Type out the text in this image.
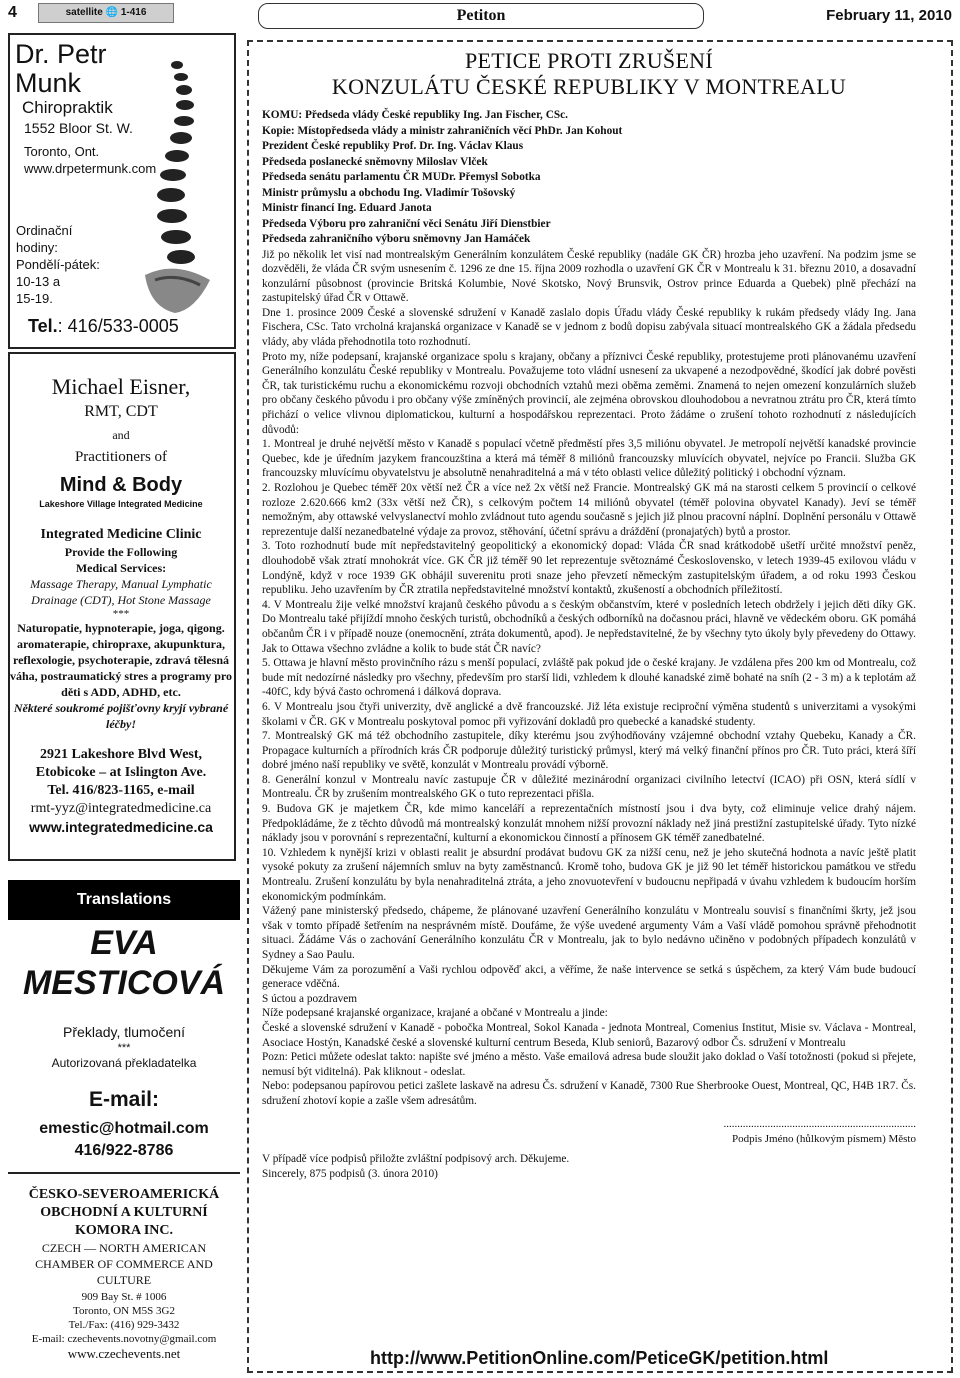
4	satellite 🌐 1-416	Petiton	February 11, 2010
Dr. Petr Munk
Chiropraktik
1552 Bloor St. W.
Toronto, Ont.
www.drpetermunk.com
Ordinační hodiny:
Pondělí-pátek:
10-13 a
15-19.
Tel.: 416/533-0005
Michael Eisner,
RMT, CDT
and
Practitioners of
Mind & Body
Lakeshore Village Integrated Medicine
Integrated Medicine Clinic
Provide the Following
Medical Services:
Massage Therapy, Manual Lymphatic Drainage (CDT), Hot Stone Massage
***
Naturopatie, hypnoterapie, joga, qigong. aromaterapie, chiropraxe, akupunktura, reflexologie, psychoterapie, zdravá tělesná váha, postraumatický stres a programy pro děti s ADD, ADHD, etc.
Některé soukromé pojišťovny kryjí vybrané léčby!
2921 Lakeshore Blvd West,
Etobicoke – at Islington Ave.
Tel. 416/823-1165, e-mail
rmt-yyz@integratedmedicine.ca
www.integratedmedicine.ca
Translations
EVA
MESTICOVÁ
Překlady, tlumočení
***
Autorizovaná překladatelka
E-mail:
emestic@hotmail.com
416/922-8786
ČESKO-SEVEROAMERICKÁ
OBCHODNÍ A KULTURNÍ
KOMORA INC.
CZECH — NORTH AMERICAN
CHAMBER OF COMMERCE AND
CULTURE
909 Bay St. # 1006
Toronto, ON M5S 3G2
Tel./Fax: (416) 929-3432
E-mail: czechevents.novotny@gmail.com
www.czechevents.net
PETICE PROTI ZRUŠENÍ
KONZULÁTU ČESKÉ REPUBLIKY V MONTREALU
KOMU: Předseda vlády České republiky Ing. Jan Fischer, CSc.
Kopie: Místopředseda vlády a ministr zahraničních věcí PhDr. Jan Kohout
Prezident České republiky Prof. Dr. Ing. Václav Klaus
Předseda poslanecké sněmovny Miloslav Vlček
Předseda senátu parlamentu ČR MUDr. Přemysl Sobotka
Ministr průmyslu a obchodu Ing. Vladimír Tošovský
Ministr financí Ing. Eduard Janota
Předseda Výboru pro zahraniční věci Senátu Jiří Dienstbier
Předseda zahraničního výboru sněmovny Jan Hamáček

Již po několik let visí nad montrealským Generálním konzulátem České republiky (nadále GK ČR) hrozba jeho uzavření. Na podzim jsme se dozvěděli, že vláda ČR svým usnesením č. 1296 ze dne 15. října 2009 rozhodla o uzavření GK ČR v Montrealu k 31. březnu 2010, a dosavadní konzulární působnost (provincie Britská Kolumbie, Nové Skotsko, Nový Brunsvik, Ostrov prince Eduarda a Quebek) plně přechází na zastupitelský úřad ČR v Ottawě.

Dne 1. prosince 2009 České a slovenské sdružení v Kanadě zaslalo dopis Úřadu vlády České republiky k rukám předsedy vlády Ing. Jana Fischera, CSc. Tato vrcholná krajanská organizace v Kanadě se v jednom z bodů dopisu zabývala situací montrealského GK a žádala předsedu vlády, aby vláda přehodnotila toto rozhodnutí.

Proto my, níže podepsaní, krajanské organizace spolu s krajany, občany a příznivci České republiky, protestujeme proti plánovanému uzavření Generálního konzulátu České republiky v Montrealu. Považujeme toto vládní usnesení za ukvapené a nezodpovědné, škodící jak dobré pověsti ČR, tak turistickému ruchu a ekonomickému rozvoji obchodních vztahů mezi oběma zeměmi. Znamená to nejen omezení konzulárních služeb pro občany českého původu i pro občany výše zmíněných provincií, ale zejména obrovskou dlouhodobou a nevratnou ztrátu pro ČR, která tímto přichází o velice vlivnou diplomatickou, kulturní a hospodářskou reprezentaci. Proto žádáme o zrušení tohoto rozhodnutí z následujících důvodů:

1. Montreal je druhé největší město v Kanadě s populací včetně předměstí přes 3,5 miliónu obyvatel. Je metropolí největší kanadské provincie Quebec, kde je úředním jazykem francouzština a která má téměř 8 miliónů francouzsky mluvících obyvatel, nejvíce po Francii. Služba GK francouzsky mluvícímu obyvatelstvu je absolutně nenahraditelná a má v této oblasti velice důležitý politický i obchodní význam.

2. Rozlohou je Quebec téměř 20x větší než ČR a více než 2x větší než Francie. Montrealský GK má na starosti celkem 5 provincií o celkové rozloze 2.620.666 km2 (33x větší než ČR), s celkovým počtem 14 miliónů obyvatel (téměř polovina obyvatel Kanady). Jeví se téměř nemožným, aby ottawské velvyslanectví mohlo zvládnout tuto agendu současně s jejich již plnou pracovní náplní. Doplnění personálu v Ottawě reprezentuje další nezanedbatelné výdaje za provoz, stěhování, účetní správu a dráždění (pronajatých) bytů a prostor.

3. Toto rozhodnutí bude mít nepředstavitelný geopolitický a ekonomický dopad: Vláda ČR snad krátkodobě ušetří určité množství peněz, dlouhodobě však ztratí mnohokrát více. GK ČR již téměř 90 let reprezentuje světoznámé Československo, v letech 1939-45 exilovou vládu v Londýně, když v roce 1939 GK obhájil suverenitu proti snaze jeho převzetí německým zastupitelským úřadem, a od roku 1993 Českou republiku. Jeho uzavřením by ČR ztratila nepředstavitelné množství kontaktů, zkušeností a obchodních příležitostí.

4. V Montrealu žije velké množství krajanů českého původu a s českým občanstvím, které v posledních letech obdržely i jejich děti díky GK. Do Montrealu také přijíždí mnoho českých turistů, obchodníků a českých odborníků na dočasnou práci, hlavně ve vědeckém oboru. GK pomáhá občanům ČR i v případě nouze (onemocnění, ztráta dokumentů, apod). Je nepředstavitelné, že by všechny tyto úkoly byly převedeny do Ottawy. Jak to Ottawa všechno zvládne a kolik to bude stát ČR navíc?

5. Ottawa je hlavní město provinčního rázu s menší populací, zvláště pak pokud jde o české krajany. Je vzdálena přes 200 km od Montrealu, což bude mít nedozírné následky pro všechny, především pro starší lidi, vzhledem k dlouhé kanadské zimě bohaté na sníh (2 - 3 m) a k teplotám až -40fC, kdy bývá často ochromená i dálková doprava.

6. V Montrealu jsou čtyři univerzity, dvě anglické a dvě francouzské. Již léta existuje reciproční výměna studentů s univerzitami a vysokými školami v ČR. GK v Montrealu poskytoval pomoc při vyřizování dokladů pro quebecké a kanadské studenty.

7. Montrealský GK má též obchodního zastupitele, díky kterému jsou zvýhodňovány vzájemné obchodní vztahy Quebeku, Kanady a ČR. Propagace kulturních a přírodních krás ČR podporuje důležitý turistický průmysl, který má velký finanční přínos pro ČR. Tuto práci, která šíří dobré jméno naší republiky ve světě, konzulát v Montrealu provádí výborně.

8. Generální konzul v Montrealu navíc zastupuje ČR v důležité mezinárodní organizaci civilního letectví (ICAO) při OSN, která sídlí v Montrealu. ČR by zrušením montrealského GK o tuto reprezentaci přišla.

9. Budova GK je majetkem ČR, kde mimo kanceláří a reprezentačních místností jsou i dva byty, což eliminuje velice drahý nájem. Předpokládáme, že z těchto důvodů má montrealský konzulát mnohem nižší provozní náklady než jiná prestižní zastupitelské úřady. Tyto nízké náklady jsou v porovnání s reprezentační, kulturní a ekonomickou činností a přínosem GK téměř zanedbatelné.

10. Vzhledem k nynější krizi v oblasti realit je absurdní prodávat budovu GK za nižší cenu, než je jeho skutečná hodnota a navíc ještě platit vysoké pokuty za zrušení nájemních smluv na byty zaměstnanců. Kromě toho, budova GK je již 90 let téměř historickou památkou ve středu Montrealu. Zrušení konzulátu by byla nenahraditelná ztráta, a jeho znovuotevření v budoucnu nepřipadá v úvahu vzhledem k budoucím horším ekonomickým podmínkám.

Vážený pane ministerský předsedo, chápeme, že plánované uzavření Generálního konzulátu v Montrealu souvisí s finančními škrty, jež jsou však v tomto případě šetřením na nesprávném místě. Doufáme, že výše uvedené argumenty Vám a Vaší vládě pomohou správně přehodnotit situaci. Žádáme Vás o zachování Generálního konzulátu ČR v Montrealu, jak to bylo nedávno učiněno v podobných případech konzulátů v Sydney a Sao Paulu.

Děkujeme Vám za porozumění a Vaši rychlou odpověď akci, a věříme, že naše intervence se setká s úspěchem, za který Vám bude budoucí generace vděčná.

S úctou a pozdravem

Níže podepsané krajanské organizace, krajané a občané v Montrealu a jinde:

České a slovenské sdružení v Kanadě - pobočka Montreal, Sokol Kanada - jednota Montreal, Comenius Institut, Misie sv. Václava - Montreal, Asociace Hostýn, Kanadské české a slovenské kulturní centrum Beseda, Klub seniorů, Bazarový odbor Čs. sdružení v Montrealu

Pozn: Petici můžete odeslat takto: napište své jméno a město. Vaše emailová adresa bude sloužit jako doklad o Vaší totožnosti (pokud si přejete, nemusí být viditelná). Pak kliknout - odeslat.

Nebo: podepsanou papírovou petici zašlete laskavě na adresu Čs. sdružení v Kanadě, 7300 Rue Sherbrooke Ouest, Montreal, QC, H4B 1R7. Čs. sdružení zhotoví kopie a zašle všem adresátům.

......................................................................
Podpis Jméno (hůlkovým písmem) Město

V případě více podpisů přiložte zvláštní podpisový arch. Děkujeme.

Sincerely, 875 podpisů (3. února 2010)

http://www.PetitionOnline.com/PeticeGK/petition.html
